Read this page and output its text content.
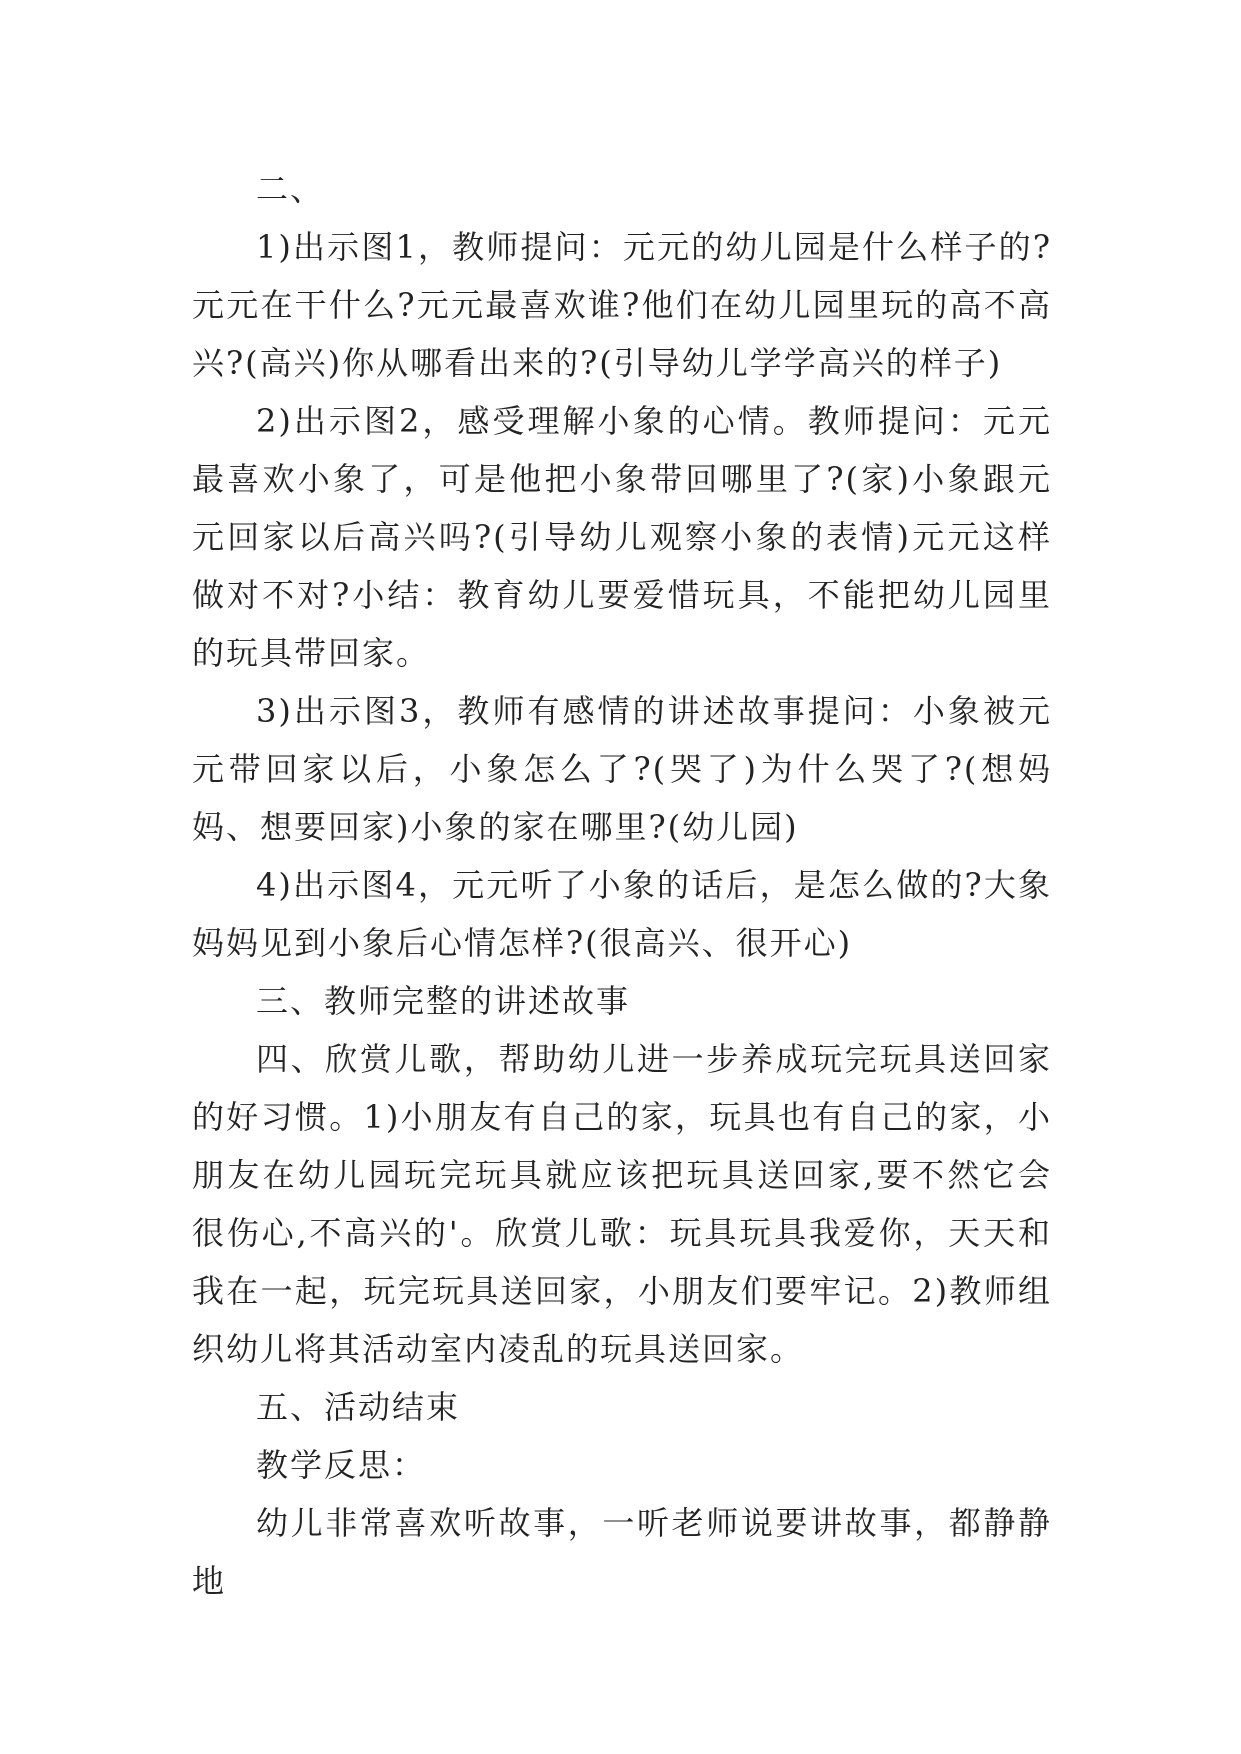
二、

1)出示图1，教师提问：元元的幼儿园是什么样子的?元元在干什么?元元最喜欢谁?他们在幼儿园里玩的高不高兴?(高兴)你从哪看出来的?(引导幼儿学学高兴的样子)

2)出示图2，感受理解小象的心情。教师提问：元元最喜欢小象了，可是他把小象带回哪里了?(家)小象跟元元回家以后高兴吗?(引导幼儿观察小象的表情)元元这样做对不对?小结：教育幼儿要爱惜玩具，不能把幼儿园里的玩具带回家。

3)出示图3，教师有感情的讲述故事提问：小象被元元带回家以后，小象怎么了?(哭了)为什么哭了?(想妈妈、想要回家)小象的家在哪里?(幼儿园)

4)出示图4，元元听了小象的话后，是怎么做的?大象妈妈见到小象后心情怎样?(很高兴、很开心)

三、教师完整的讲述故事

四、欣赏儿歌，帮助幼儿进一步养成玩完玩具送回家的好习惯。1)小朋友有自己的家，玩具也有自己的家，小朋友在幼儿园玩完玩具就应该把玩具送回家,要不然它会很伤心,不高兴的'。欣赏儿歌：玩具玩具我爱你，天天和我在一起，玩完玩具送回家，小朋友们要牢记。2)教师组织幼儿将其活动室内凌乱的玩具送回家。

五、活动结束

教学反思：

幼儿非常喜欢听故事，一听老师说要讲故事，都静静地
